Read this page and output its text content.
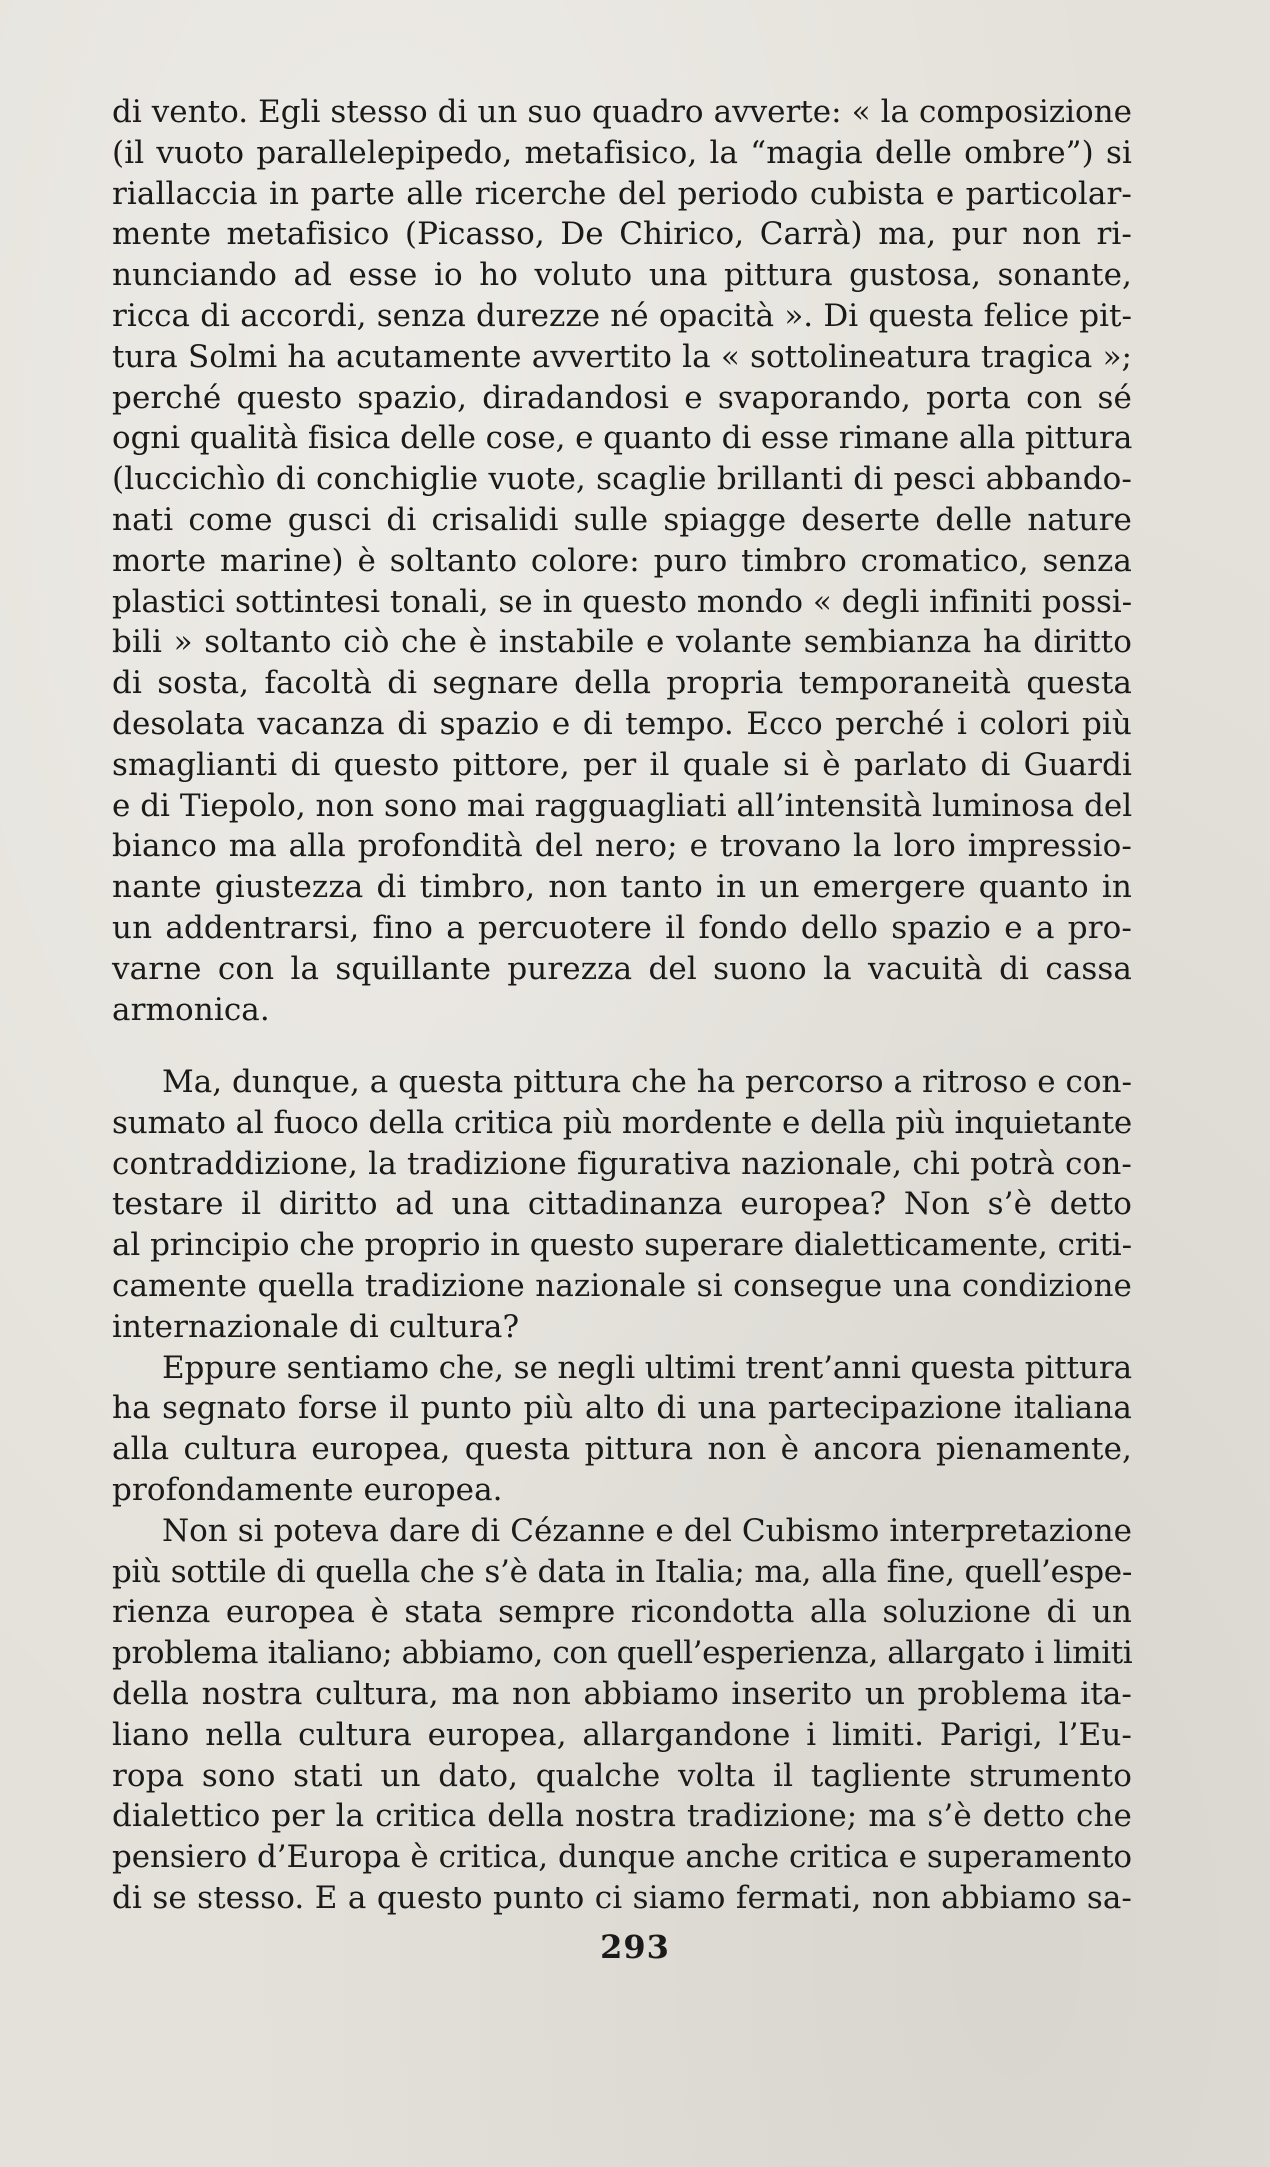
di vento. Egli stesso di un suo quadro avverte: « la composizione
(il vuoto parallelepipedo, metafisico, la “magia delle ombre”) si
riallaccia in parte alle ricerche del periodo cubista e particolar-
mente metafisico (Picasso, De Chirico, Carrà) ma, pur non ri-
nunciando ad esse io ho voluto una pittura gustosa, sonante,
ricca di accordi, senza durezze né opacità ». Di questa felice pit-
tura Solmi ha acutamente avvertito la « sottolineatura tragica »;
perché questo spazio, diradandosi e svaporando, porta con sé
ogni qualità fisica delle cose, e quanto di esse rimane alla pittura
(luccichìo di conchiglie vuote, scaglie brillanti di pesci abbando-
nati come gusci di crisalidi sulle spiagge deserte delle nature
morte marine) è soltanto colore: puro timbro cromatico, senza
plastici sottintesi tonali, se in questo mondo « degli infiniti possi-
bili » soltanto ciò che è instabile e volante sembianza ha diritto
di sosta, facoltà di segnare della propria temporaneità questa
desolata vacanza di spazio e di tempo. Ecco perché i colori più
smaglianti di questo pittore, per il quale si è parlato di Guardi
e di Tiepolo, non sono mai ragguagliati all’intensità luminosa del
bianco ma alla profondità del nero; e trovano la loro impressio-
nante giustezza di timbro, non tanto in un emergere quanto in
un addentrarsi, fino a percuotere il fondo dello spazio e a pro-
varne con la squillante purezza del suono la vacuità di cassa
armonica.
Ma, dunque, a questa pittura che ha percorso a ritroso e con-
sumato al fuoco della critica più mordente e della più inquietante
contraddizione, la tradizione figurativa nazionale, chi potrà con-
testare il diritto ad una cittadinanza europea? Non s’è detto
al principio che proprio in questo superare dialetticamente, criti-
camente quella tradizione nazionale si consegue una condizione
internazionale di cultura?
Eppure sentiamo che, se negli ultimi trent’anni questa pittura
ha segnato forse il punto più alto di una partecipazione italiana
alla cultura europea, questa pittura non è ancora pienamente,
profondamente europea.
Non si poteva dare di Cézanne e del Cubismo interpretazione
più sottile di quella che s’è data in Italia; ma, alla fine, quell’espe-
rienza europea è stata sempre ricondotta alla soluzione di un
problema italiano; abbiamo, con quell’esperienza, allargato i limiti
della nostra cultura, ma non abbiamo inserito un problema ita-
liano nella cultura europea, allargandone i limiti. Parigi, l’Eu-
ropa sono stati un dato, qualche volta il tagliente strumento
dialettico per la critica della nostra tradizione; ma s’è detto che
pensiero d’Europa è critica, dunque anche critica e superamento
di se stesso. E a questo punto ci siamo fermati, non abbiamo sa-
293
